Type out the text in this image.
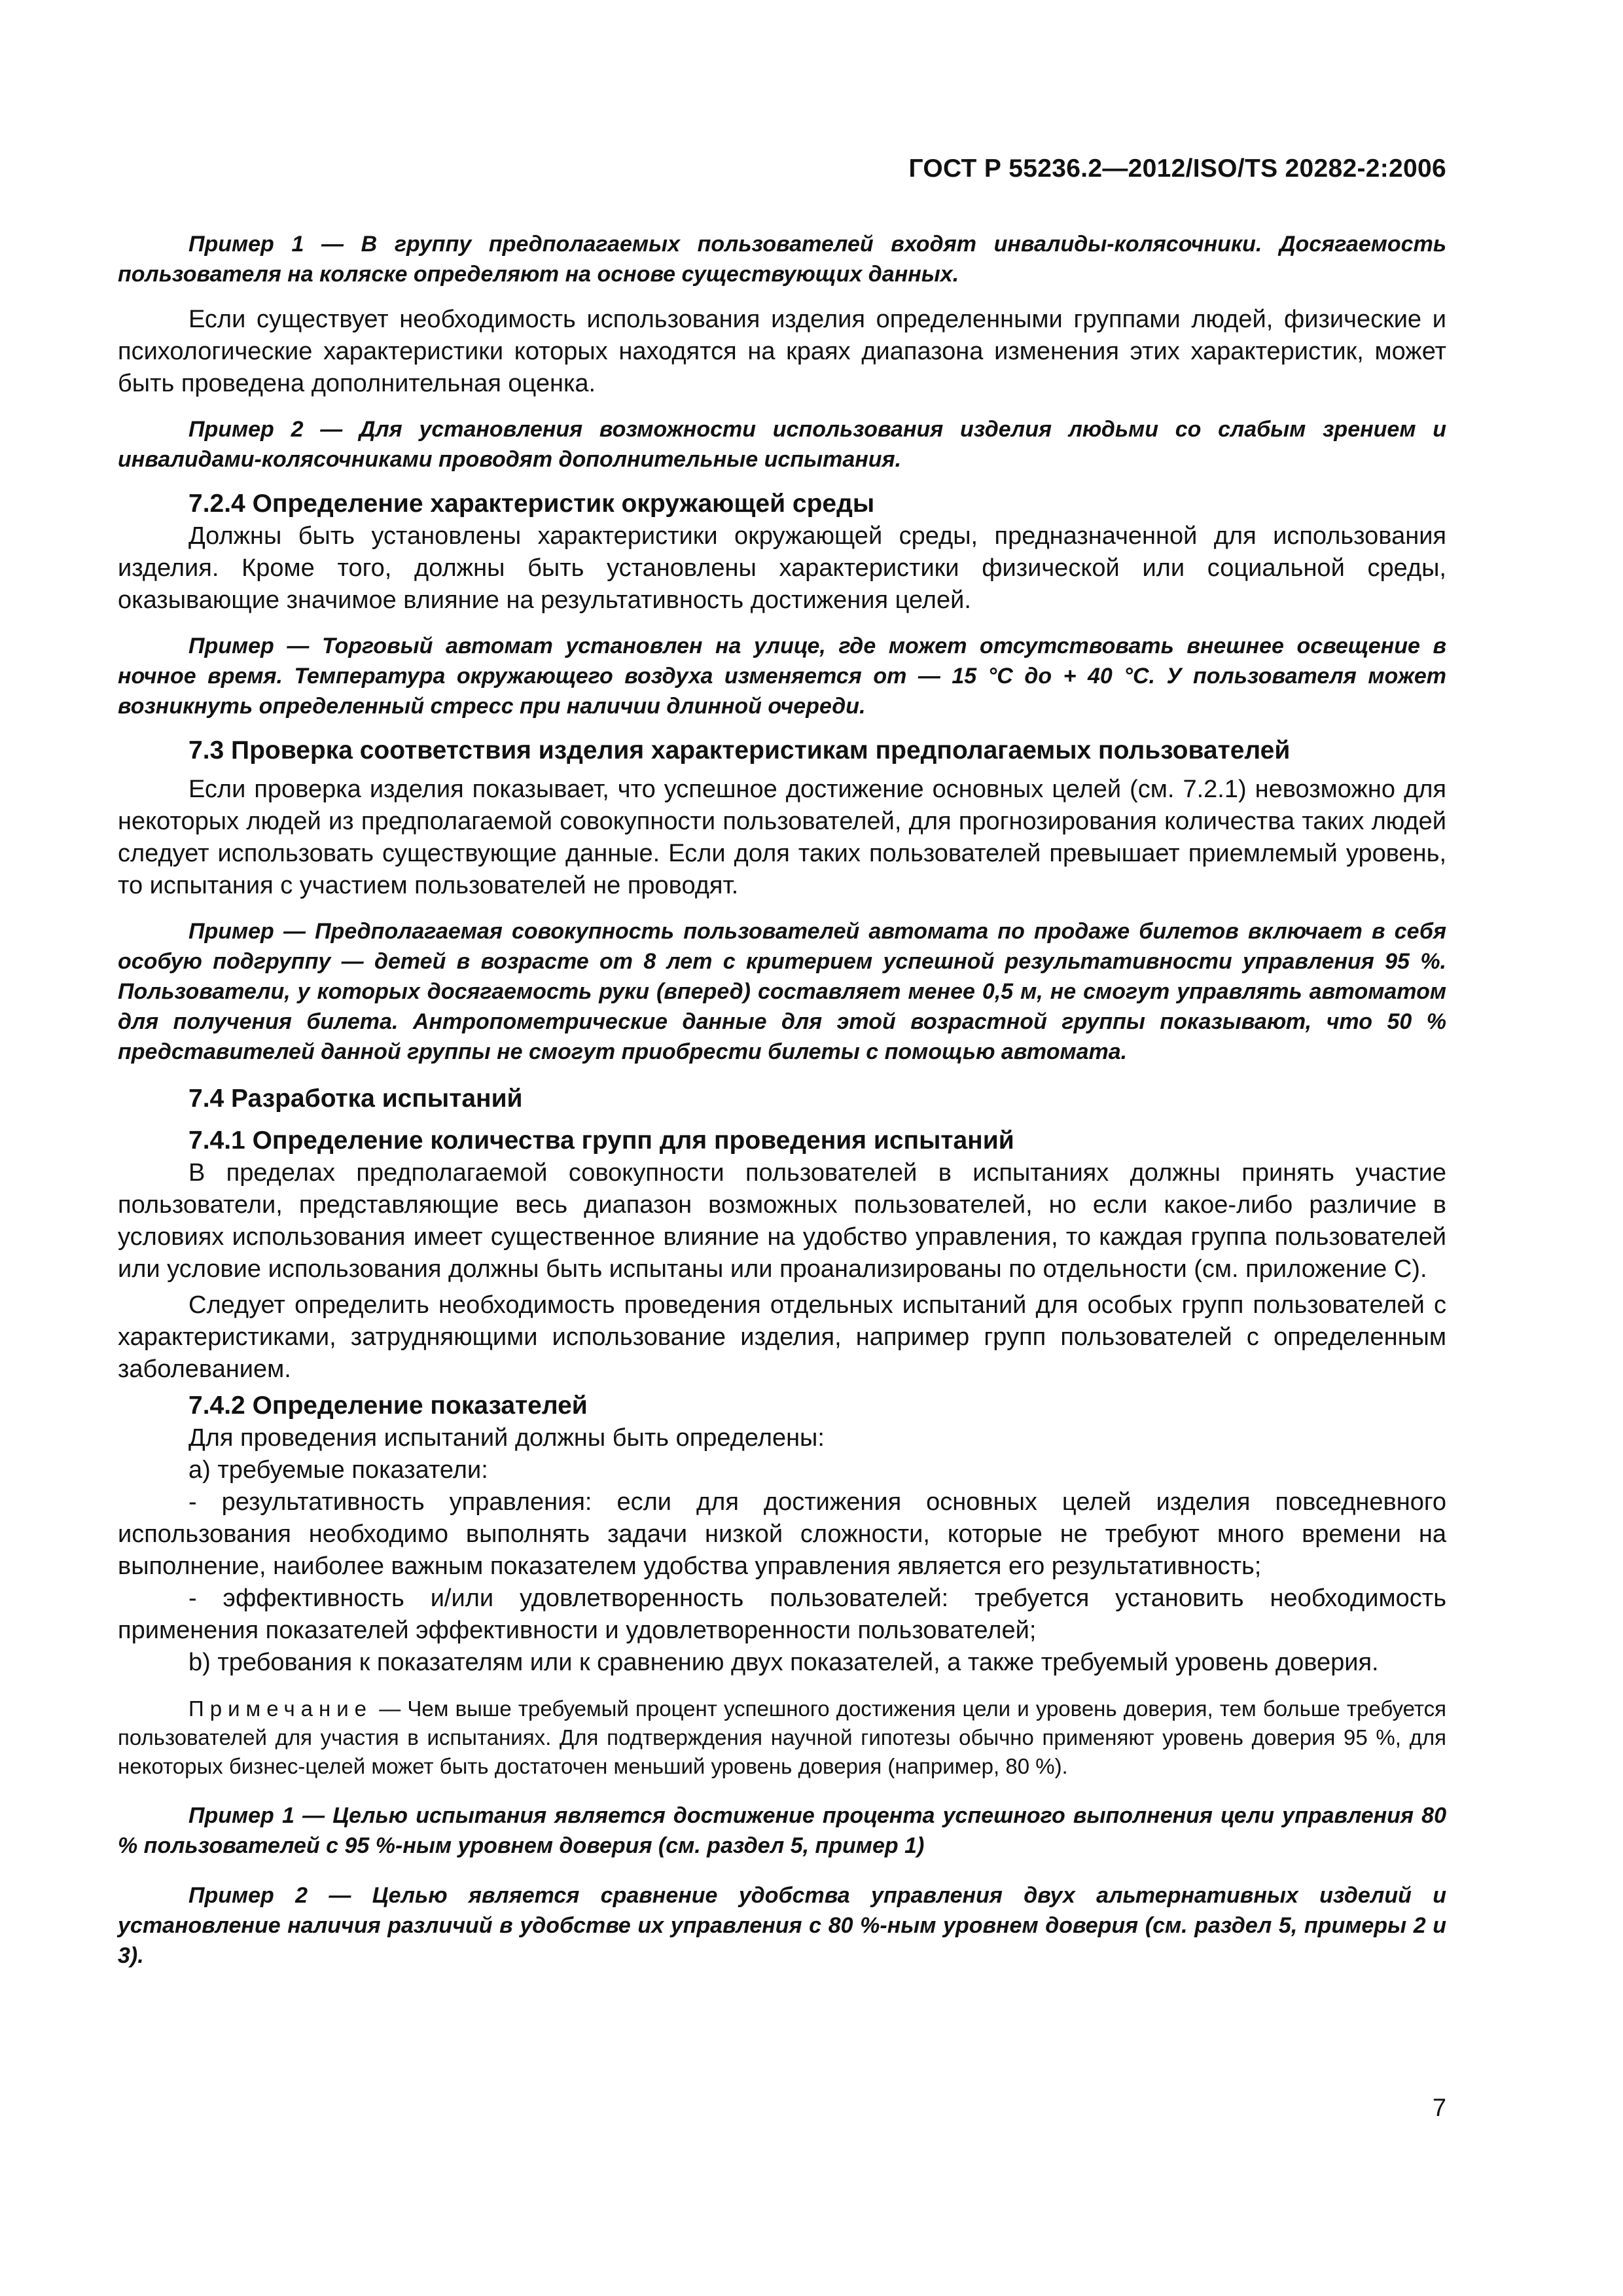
ГОСТ Р 55236.2—2012/ISO/TS 20282-2:2006

Пример 1 — В группу предполагаемых пользователей входят инвалиды-колясочники. Досягаемость пользователя на коляске определяют на основе существующих данных.

Если существует необходимость использования изделия определенными группами людей, физические и психологические характеристики которых находятся на краях диапазона изменения этих характеристик, может быть проведена дополнительная оценка.

Пример 2 — Для установления возможности использования изделия людьми со слабым зрением и инвалидами-колясочниками проводят дополнительные испытания.

7.2.4 Определение характеристик окружающей среды

Должны быть установлены характеристики окружающей среды, предназначенной для использования изделия. Кроме того, должны быть установлены характеристики физической или социальной среды, оказывающие значимое влияние на результативность достижения целей.

Пример — Торговый автомат установлен на улице, где может отсутствовать внешнее освещение в ночное время. Температура окружающего воздуха изменяется от — 15 °С до + 40 °С. У пользователя может возникнуть определенный стресс при наличии длинной очереди.

7.3 Проверка соответствия изделия характеристикам предполагаемых пользователей

Если проверка изделия показывает, что успешное достижение основных целей (см. 7.2.1) невозможно для некоторых людей из предполагаемой совокупности пользователей, для прогнозирования количества таких людей следует использовать существующие данные. Если доля таких пользователей превышает приемлемый уровень, то испытания с участием пользователей не проводят.

Пример — Предполагаемая совокупность пользователей автомата по продаже билетов включает в себя особую подгруппу — детей в возрасте от 8 лет с критерием успешной результативности управления 95 %. Пользователи, у которых досягаемость руки (вперед) составляет менее 0,5 м, не смогут управлять автоматом для получения билета. Антропометрические данные для этой возрастной группы показывают, что 50 % представителей данной группы не смогут приобрести билеты с помощью автомата.

7.4 Разработка испытаний
7.4.1 Определение количества групп для проведения испытаний

В пределах предполагаемой совокупности пользователей в испытаниях должны принять участие пользователи, представляющие весь диапазон возможных пользователей, но если какое-либо различие в условиях использования имеет существенное влияние на удобство управления, то каждая группа пользователей или условие использования должны быть испытаны или проанализированы по отдельности (см. приложение С).

Следует определить необходимость проведения отдельных испытаний для особых групп пользователей с характеристиками, затрудняющими использование изделия, например групп пользователей с определенным заболеванием.

7.4.2 Определение показателей

Для проведения испытаний должны быть определены:

a) требуемые показатели:

- результативность управления: если для достижения основных целей изделия повседневного использования необходимо выполнять задачи низкой сложности, которые не требуют много времени на выполнение, наиболее важным показателем удобства управления является его результативность;

- эффективность и/или удовлетворенность пользователей: требуется установить необходимость применения показателей эффективности и удовлетворенности пользователей;

b) требования к показателям или к сравнению двух показателей, а также требуемый уровень доверия.

Примечание — Чем выше требуемый процент успешного достижения цели и уровень доверия, тем больше требуется пользователей для участия в испытаниях. Для подтверждения научной гипотезы обычно применяют уровень доверия 95 %, для некоторых бизнес-целей может быть достаточен меньший уровень доверия (например, 80 %).

Пример 1 — Целью испытания является достижение процента успешного выполнения цели управления 80 % пользователей с 95 %-ным уровнем доверия (см. раздел 5, пример 1)

Пример 2 — Целью является сравнение удобства управления двух альтернативных изделий и установление наличия различий в удобстве их управления с 80 %-ным уровнем доверия (см. раздел 5, примеры 2 и 3).

7
